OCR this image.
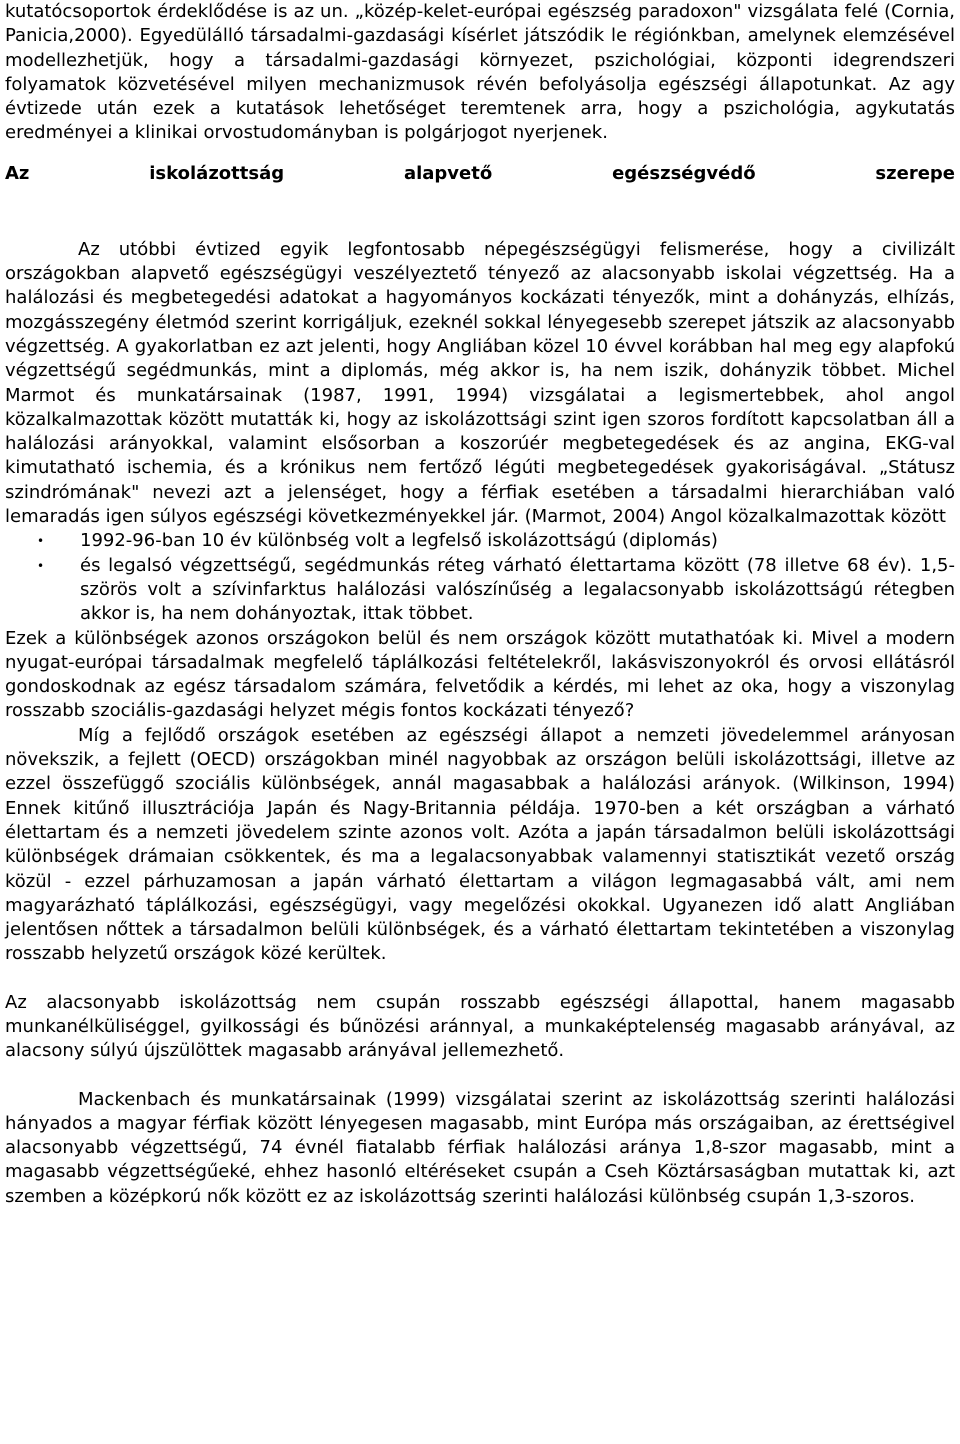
kutatócsoportok érdeklődése is az un. „közép-kelet-európai egészség paradoxon" vizsgálata felé (Cornia, Panicia,2000). Egyedülálló társadalmi-gazdasági kísérlet játszódik le régiónkban, amelynek elemzésével modellezhetjük, hogy a társadalmi-gazdasági környezet, pszichológiai, központi idegrendszeri folyamatok közvetésével milyen mechanizmusok révén befolyásolja egészségi állapotunkat. Az agy évtizede után ezek a kutatások lehetőséget teremtenek arra, hogy a pszichológia, agykutatás eredményei a klinikai orvostudományban is polgárjogot nyerjenek.

Az iskolázottság alapvető egészségvédő szerepe

Az utóbbi évtized egyik legfontosabb népegészségügyi felismerése, hogy a civilizált országokban alapvető egészségügyi veszélyeztető tényező az alacsonyabb iskolai végzettség. Ha a halálozási és megbetegedési adatokat a hagyományos kockázati tényezők, mint a dohányzás, elhízás, mozgásszegény életmód szerint korrigáljuk, ezeknél sokkal lényegesebb szerepet játszik az alacsonyabb végzettség. A gyakorlatban ez azt jelenti, hogy Angliában közel 10 évvel korábban hal meg egy alapfokú végzettségű segédmunkás, mint a diplomás, még akkor is, ha nem iszik, dohányzik többet. Michel Marmot és munkatársainak (1987, 1991, 1994) vizsgálatai a legismertebbek, ahol angol közalkalmazottak között mutatták ki, hogy az iskolázottsági szint igen szoros fordított kapcsolatban áll a halálozási arányokkal, valamint elsősorban a koszorúér megbetegedések és az angina, EKG-val kimutatható ischemia, és a krónikus nem fertőző légúti megbetegedések gyakoriságával. „Státusz szindrómának" nevezi azt a jelenséget, hogy a férfiak esetében a társadalmi hierarchiában való lemaradás igen súlyos egészségi következményekkel jár. (Marmot, 2004) Angol közalkalmazottak között

• 1992-96-ban 10 év különbség volt a legfelső iskolázottságú (diplomás)
• és legalsó végzettségű, segédmunkás réteg várható élettartama között (78 illetve 68 év). 1,5-szörös volt a szívinfarktus halálozási valószínűség a legalacsonyabb iskolázottságú rétegben akkor is, ha nem dohányoztak, ittak többet.

Ezek a különbségek azonos országokon belül és nem országok között mutathatóak ki. Mivel a modern nyugat-európai társadalmak megfelelő táplálkozási feltételekről, lakásviszonyokról és orvosi ellátásról gondoskodnak az egész társadalom számára, felvetődik a kérdés, mi lehet az oka, hogy a viszonylag rosszabb szociális-gazdasági helyzet mégis fontos kockázati tényező?

Míg a fejlődő országok esetében az egészségi állapot a nemzeti jövedelemmel arányosan növekszik, a fejlett (OECD) országokban minél nagyobbak az országon belüli iskolázottsági, illetve az ezzel összefüggő szociális különbségek, annál magasabbak a halálozási arányok. (Wilkinson, 1994) Ennek kitűnő illusztrációja Japán és Nagy-Britannia példája. 1970-ben a két országban a várható élettartam és a nemzeti jövedelem szinte azonos volt. Azóta a japán társadalmon belüli iskolázottsági különbségek drámaian csökkentek, és ma a legalacsonyabbak valamennyi statisztikát vezető ország közül - ezzel párhuzamosan a japán várható élettartam a világon legmagasabbá vált, ami nem magyarázható táplálkozási, egészségügyi, vagy megelőzési okokkal. Ugyanezen idő alatt Angliában jelentősen nőttek a társadalmon belüli különbségek, és a várható élettartam tekintetében a viszonylag rosszabb helyzetű országok közé kerültek.

Az alacsonyabb iskolázottság nem csupán rosszabb egészségi állapottal, hanem magasabb munkanélküliséggel, gyilkossági és bűnözési aránnyal, a munkaképtelenség magasabb arányával, az alacsony súlyú újszülöttek magasabb arányával jellemezhető.

Mackenbach és munkatársainak (1999) vizsgálatai szerint az iskolázottság szerinti halálozási hányados a magyar férfiak között lényegesen magasabb, mint Európa más országaiban, az érettségivel alacsonyabb végzettségű, 74 évnél fiatalabb férfiak halálozási aránya 1,8-szor magasabb, mint a magasabb végzettségűeké, ehhez hasonló eltéréseket csupán a Cseh Köztársaságban mutattak ki, azt szemben a középkorú nők között ez az iskolázottság szerinti halálozási különbség csupán 1,3-szoros.
